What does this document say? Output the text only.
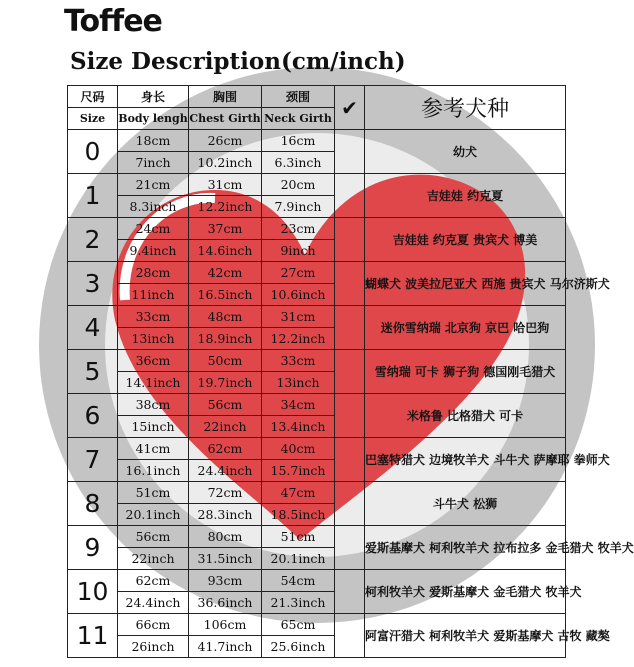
Toffee
Size Description(cm/inch)
尺码	身长	胸围	颈围	✔	参考犬种
Size	Body lengh	Chest Girth	Neck Girth		
0	18cm	26cm	16cm		幼犬
	7inch	10.2inch	6.3inch		
1	21cm	31cm	20cm		吉娃娃 约克夏
	8.3inch	12.2inch	7.9inch		
2	24cm	37cm	23cm		吉娃娃 约克夏 贵宾犬 博美
	9.4inch	14.6inch	9inch		
3	28cm	42cm	27cm		蝴蝶犬 波美拉尼亚犬 西施 贵宾犬 马尔济斯犬
	11inch	16.5inch	10.6inch		
4	33cm	48cm	31cm		迷你雪纳瑞 北京狗 京巴 哈巴狗
	13inch	18.9inch	12.2inch		
5	36cm	50cm	33cm		雪纳瑞 可卡 狮子狗 德国刚毛猎犬
	14.1inch	19.7inch	13inch		
6	38cm	56cm	34cm		米格鲁 比格猎犬 可卡
	15inch	22inch	13.4inch		
7	41cm	62cm	40cm		巴塞特猎犬 边境牧羊犬 斗牛犬 萨摩耶 拳师犬
	16.1inch	24.4inch	15.7inch		
8	51cm	72cm	47cm		斗牛犬 松狮
	20.1inch	28.3inch	18.5inch		
9	56cm	80cm	51cm		爱斯基摩犬 柯利牧羊犬 拉布拉多 金毛猎犬 牧羊犬
	22inch	31.5inch	20.1inch		
10	62cm	93cm	54cm		柯利牧羊犬 爱斯基摩犬 金毛猎犬 牧羊犬
	24.4inch	36.6inch	21.3inch		
11	66cm	106cm	65cm		阿富汗猎犬 柯利牧羊犬 爱斯基摩犬 古牧 藏獒
	26inch	41.7inch	25.6inch		
